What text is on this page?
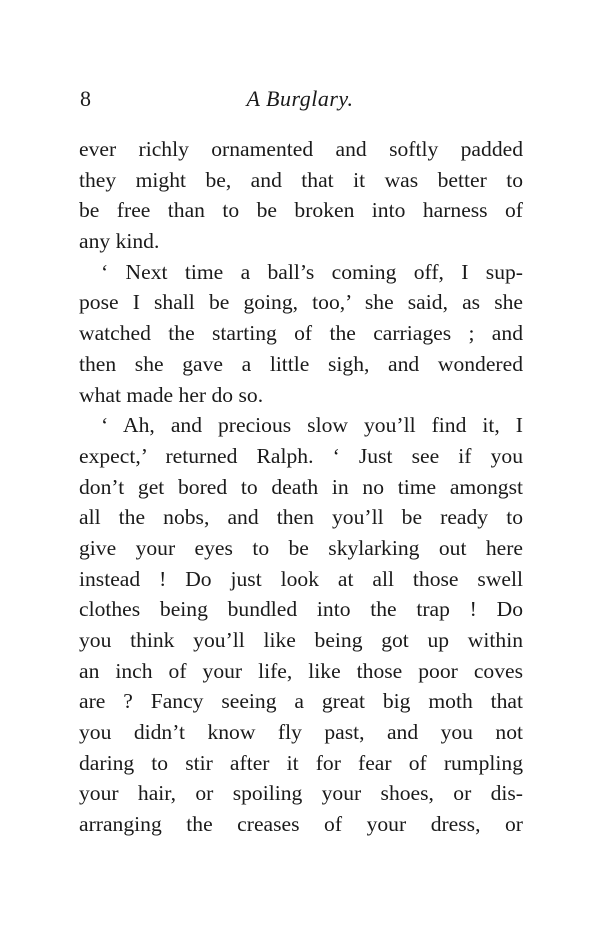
8	A Burglary.
ever richly ornamented and softly padded
they might be, and that it was better to
be free than to be broken into harness of
any kind.
‘ Next time a ball’s coming off, I sup-
pose I shall be going, too,’ she said, as she
watched the starting of the carriages ; and
then she gave a little sigh, and wondered
what made her do so.
‘ Ah, and precious slow you’ll find it, I
expect,’ returned Ralph. ‘ Just see if you
don’t get bored to death in no time amongst
all the nobs, and then you’ll be ready to
give your eyes to be skylarking out here
instead ! Do just look at all those swell
clothes being bundled into the trap ! Do
you think you’ll like being got up within
an inch of your life, like those poor coves
are ? Fancy seeing a great big moth that
you didn’t know fly past, and you not
daring to stir after it for fear of rumpling
your hair, or spoiling your shoes, or dis-
arranging the creases of your dress, or
